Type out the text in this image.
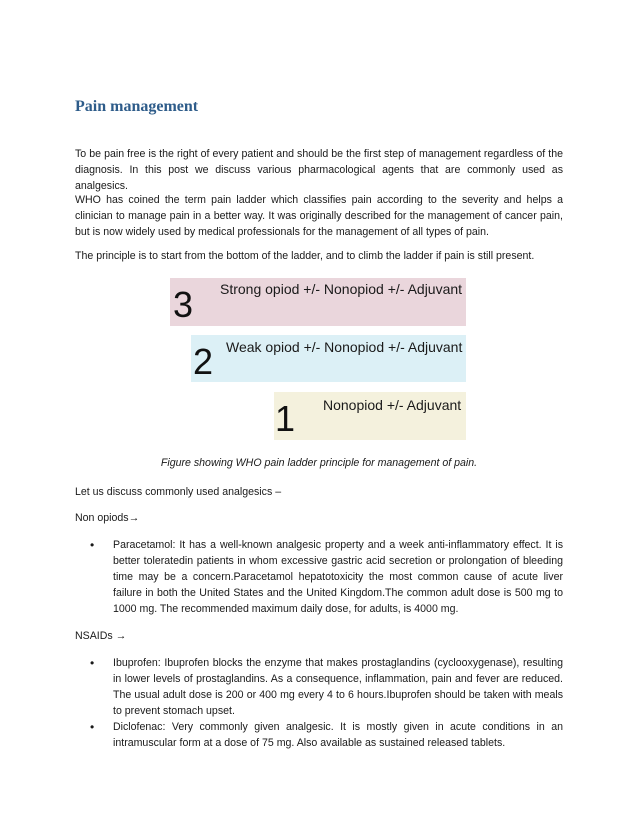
Pain management

To be pain free is the right of every patient and should be the first step of management regardless of the diagnosis. In this post we discuss various pharmacological agents that are commonly used as analgesics.

WHO has coined the term pain ladder which classifies pain according to the severity and helps a clinician to manage pain in a better way. It was originally described for the management of cancer pain, but is now widely used by medical professionals for the management of all types of pain.

The principle is to start from the bottom of the ladder, and to climb the ladder if pain is still present.

3 Strong opiod +/- Nonopiod +/- Adjuvant
2 Weak opiod +/- Nonopiod +/- Adjuvant
1 Nonopiod +/- Adjuvant

Figure showing WHO pain ladder principle for management of pain.

Let us discuss commonly used analgesics –

Non opiods→

• Paracetamol: It has a well-known analgesic property and a week anti-inflammatory effect. It is better toleratedin patients in whom excessive gastric acid secretion or prolongation of bleeding time may be a concern.Paracetamol hepatotoxicity the most common cause of acute liver failure in both the United States and the United Kingdom.The common adult dose is 500 mg to 1000 mg. The recommended maximum daily dose, for adults, is 4000 mg.

NSAIDs →

• Ibuprofen: Ibuprofen blocks the enzyme that makes prostaglandins (cyclooxygenase), resulting in lower levels of prostaglandins. As a consequence, inflammation, pain and fever are reduced. The usual adult dose is 200 or 400 mg every 4 to 6 hours.Ibuprofen should be taken with meals to prevent stomach upset.
• Diclofenac: Very commonly given analgesic. It is mostly given in acute conditions in an intramuscular form at a dose of 75 mg. Also available as sustained released tablets.
